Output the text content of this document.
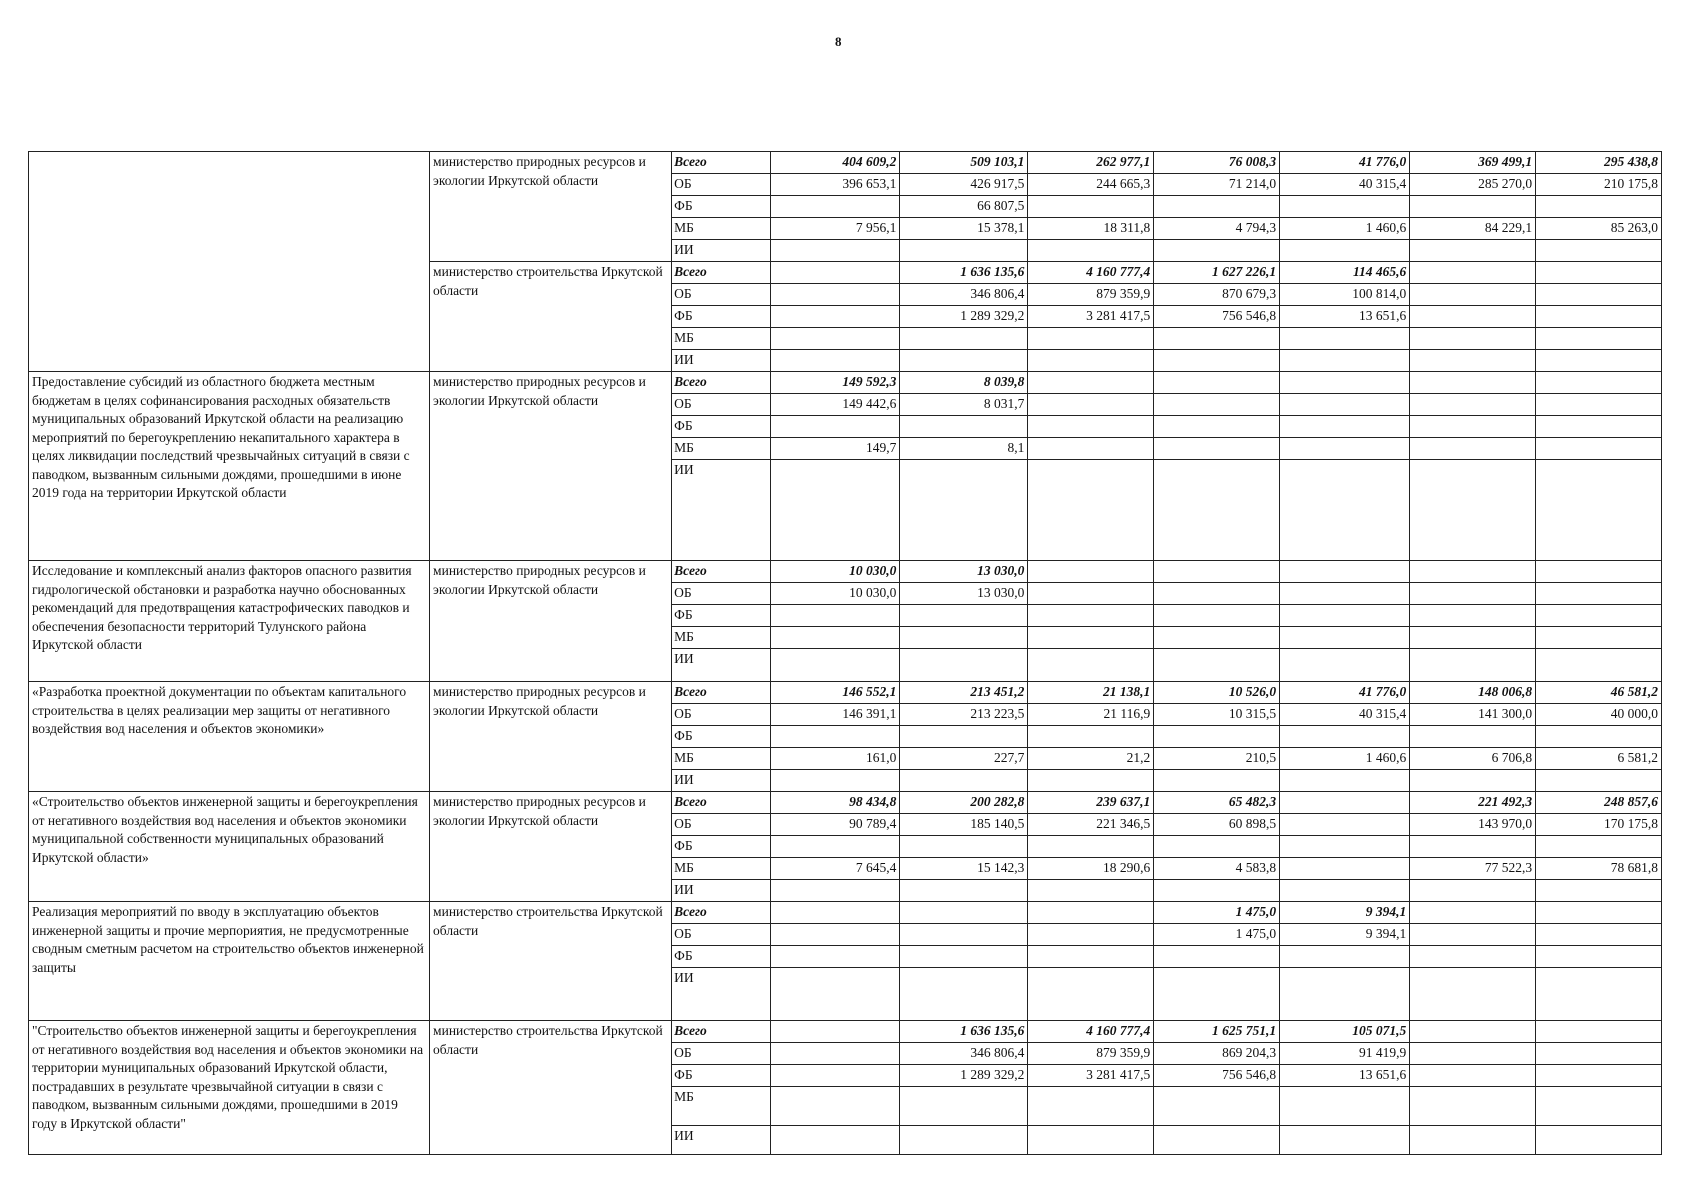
8
	министерство природных ресурсов и экологии Иркутской области	Всего	404 609,2	509 103,1	262 977,1	76 008,3	41 776,0	369 499,1	295 438,8
		ОБ	396 653,1	426 917,5	244 665,3	71 214,0	40 315,4	285 270,0	210 175,8
		ФБ		66 807,5					
		МБ	7 956,1	15 378,1	18 311,8	4 794,3	1 460,6	84 229,1	85 263,0
		ИИ							
	министерство строительства Иркутской области	Всего		1 636 135,6	4 160 777,4	1 627 226,1	114 465,6		
		ОБ		346 806,4	879 359,9	870 679,3	100 814,0		
		ФБ		1 289 329,2	3 281 417,5	756 546,8	13 651,6		
		МБ							
		ИИ							
Предоставление субсидий из областного бюджета местным бюджетам в целях софинансирования расходных обязательств муниципальных образований Иркутской области на реализацию мероприятий по берегоукреплению некапитального характера в целях ликвидации последствий чрезвычайных ситуаций в связи с паводком, вызванным сильными дождями, прошедшими в июне 2019 года на территории Иркутской области	министерство природных ресурсов и экологии Иркутской области	Всего	149 592,3	8 039,8					
		ОБ	149 442,6	8 031,7					
		ФБ							
		МБ	149,7	8,1					
		ИИ							
Исследование и комплексный анализ факторов опасного развития гидрологической обстановки и разработка научно обоснованных рекомендаций для предотвращения катастрофических паводков и обеспечения безопасности территорий Тулунского района Иркутской области	министерство природных ресурсов и экологии Иркутской области	Всего	10 030,0	13 030,0					
		ОБ	10 030,0	13 030,0					
		ФБ							
		МБ							
		ИИ							
«Разработка проектной документации по объектам капитального строительства в целях реализации мер защиты от негативного воздействия вод населения и объектов экономики»	министерство природных ресурсов и экологии Иркутской области	Всего	146 552,1	213 451,2	21 138,1	10 526,0	41 776,0	148 006,8	46 581,2
		ОБ	146 391,1	213 223,5	21 116,9	10 315,5	40 315,4	141 300,0	40 000,0
		ФБ							
		МБ	161,0	227,7	21,2	210,5	1 460,6	6 706,8	6 581,2
		ИИ							
«Строительство объектов инженерной защиты и берегоукрепления от негативного воздействия вод населения и объектов экономики муниципальной собственности муниципальных образований Иркутской области»	министерство природных ресурсов и экологии Иркутской области	Всего	98 434,8	200 282,8	239 637,1	65 482,3		221 492,3	248 857,6
		ОБ	90 789,4	185 140,5	221 346,5	60 898,5		143 970,0	170 175,8
		ФБ							
		МБ	7 645,4	15 142,3	18 290,6	4 583,8		77 522,3	78 681,8
		ИИ							
Реализация мероприятий по вводу в эксплуатацию объектов инженерной защиты и прочие мерпориятия, не предусмотренные сводным сметным расчетом на строительство объектов инженерной защиты	министерство строительства Иркутской области	Всего				1 475,0	9 394,1		
		ОБ				1 475,0	9 394,1		
		ФБ							
		ИИ							
"Строительство объектов инженерной защиты и берегоукрепления от негативного воздействия вод населения и объектов экономики на территории муниципальных образований Иркутской области, пострадавших в результате чрезвычайной ситуации в связи с паводком, вызванным сильными дождями, прошедшими в 2019 году в Иркутской области"	министерство строительства Иркутской области	Всего		1 636 135,6	4 160 777,4	1 625 751,1	105 071,5		
		ОБ		346 806,4	879 359,9	869 204,3	91 419,9		
		ФБ		1 289 329,2	3 281 417,5	756 546,8	13 651,6		
		МБ							
		ИИ							
